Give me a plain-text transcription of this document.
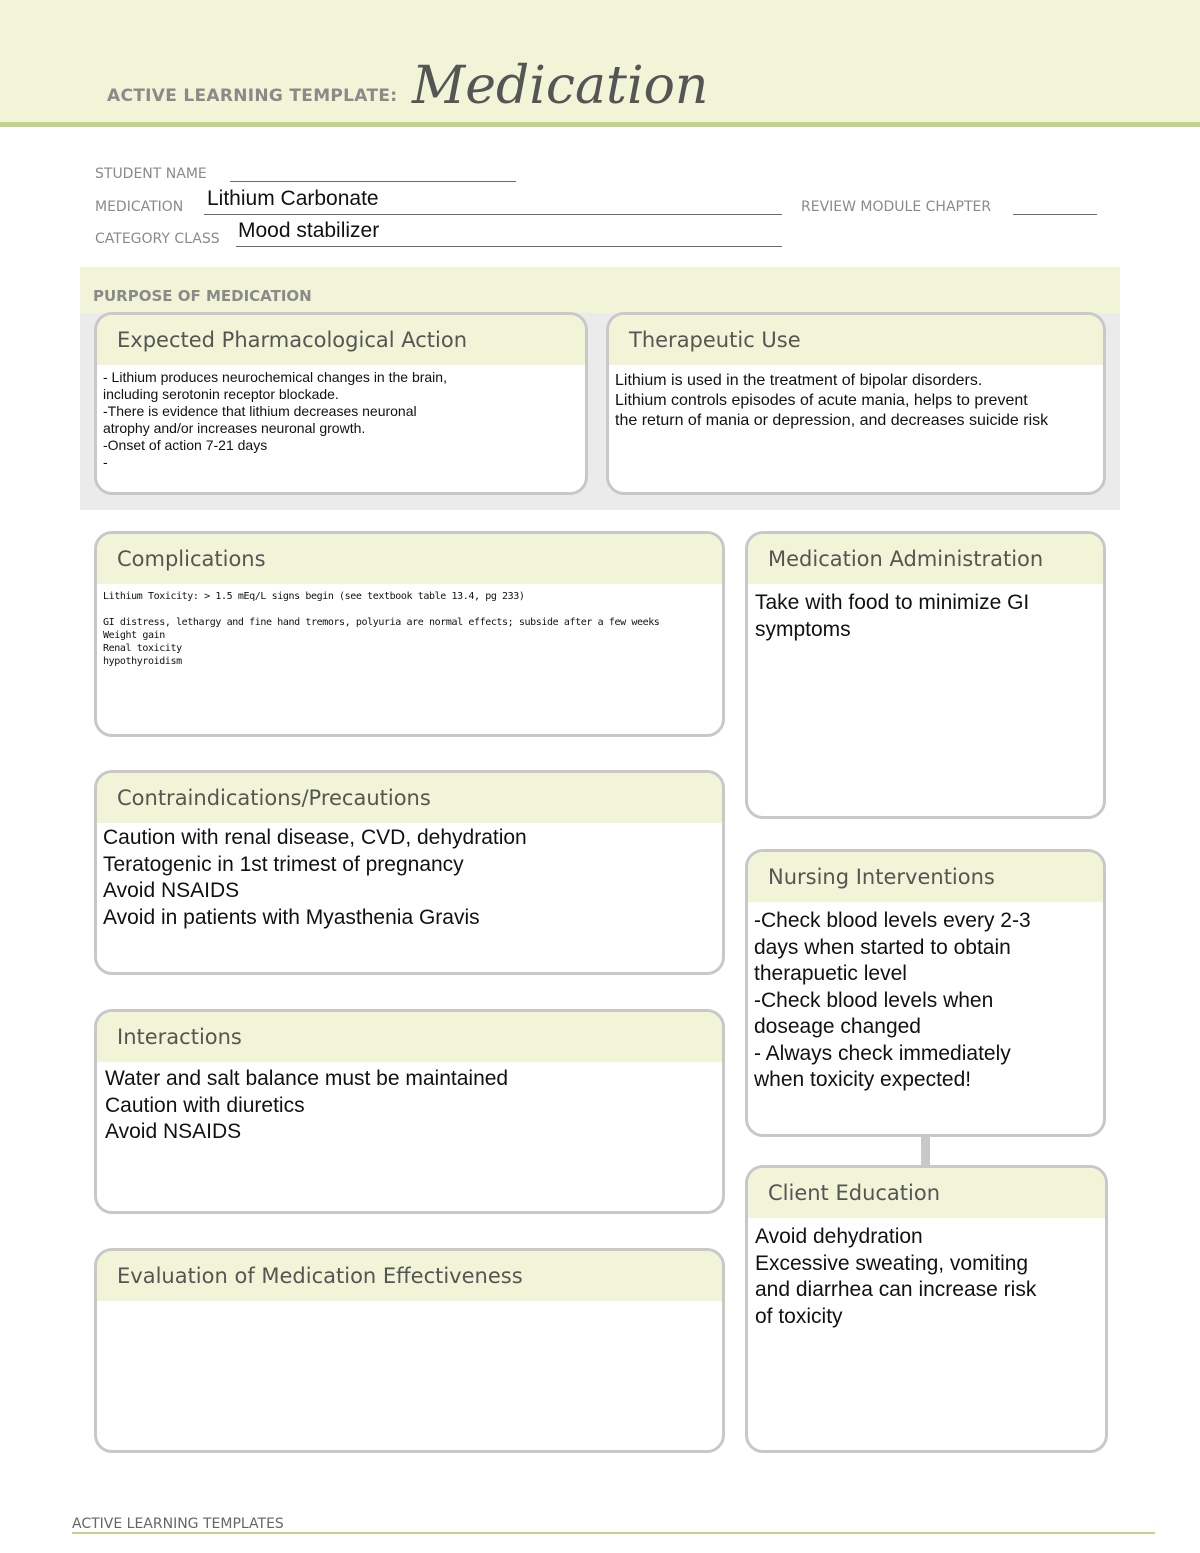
ACTIVE LEARNING TEMPLATE: Medication
STUDENT NAME
MEDICATION Lithium Carbonate	REVIEW MODULE CHAPTER
CATEGORY CLASS Mood stabilizer
PURPOSE OF MEDICATION
Expected Pharmacological Action
- Lithium produces neurochemical changes in the brain,
including serotonin receptor blockade.
-There is evidence that lithium decreases neuronal
atrophy and/or increases neuronal growth.
-Onset of action 7-21 days
-
Therapeutic Use
Lithium is used in the treatment of bipolar disorders.
Lithium controls episodes of acute mania, helps to prevent
the return of mania or depression, and decreases suicide risk
Complications
Lithium Toxicity: > 1.5 mEq/L signs begin (see textbook table 13.4, pg 233)

GI distress, lethargy and fine hand tremors, polyuria are normal effects; subside after a few weeks
Weight gain
Renal toxicity
hypothyroidism
Contraindications/Precautions
Caution with renal disease, CVD, dehydration
Teratogenic in 1st trimest of pregnancy
Avoid NSAIDS
Avoid in patients with Myasthenia Gravis
Interactions
Water and salt balance must be maintained
Caution with diuretics
Avoid NSAIDS
Evaluation of Medication Effectiveness
Medication Administration
Take with food to minimize GI
symptoms
Nursing Interventions
-Check blood levels every 2-3
days when started to obtain
therapuetic level
-Check blood levels when
doseage changed
- Always check immediately
when toxicity expected!
Client Education
Avoid dehydration
Excessive sweating, vomiting
and diarrhea can increase risk
of toxicity
ACTIVE LEARNING TEMPLATES
